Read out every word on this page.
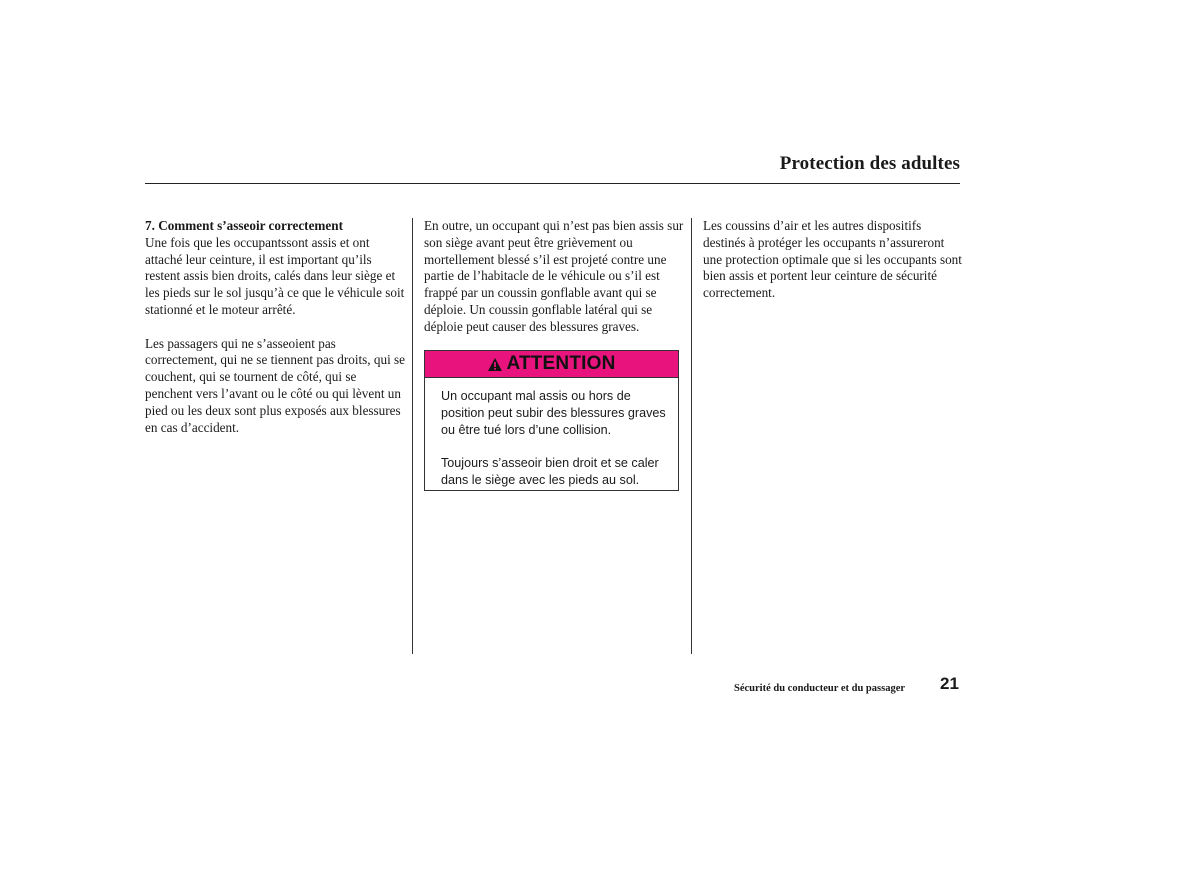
Protection des adultes
7. Comment s’asseoir correctement

Une fois que les occupantssont assis et ont attaché leur ceinture, il est important qu’ils restent assis bien droits, calés dans leur siège et les pieds sur le sol jusqu’à ce que le véhicule soit stationné et le moteur arrêté.

Les passagers qui ne s’asseoient pas correctement, qui ne se tiennent pas droits, qui se couchent, qui se tournent de côté, qui se penchent vers l’avant ou le côté ou qui lèvent un pied ou les deux sont plus exposés aux blessures en cas d’accident.

En outre, un occupant qui n’est pas bien assis sur son siège avant peut être grièvement ou mortellement blessé s’il est projeté contre une partie de l’habitacle de le véhicule ou s’il est frappé par un coussin gonflable avant qui se déploie. Un coussin gonflable latéral qui se déploie peut causer des blessures graves.

ATTENTION

Un occupant mal assis ou hors de position peut subir des blessures graves ou être tué lors d’une collision.

Toujours s’asseoir bien droit et se caler dans le siège avec les pieds au sol.

Les coussins d’air et les autres dispositifs destinés à protéger les occupants n’assureront une protection optimale que si les occupants sont bien assis et portent leur ceinture de sécurité correctement.

Sécurité du conducteur et du passager 21
